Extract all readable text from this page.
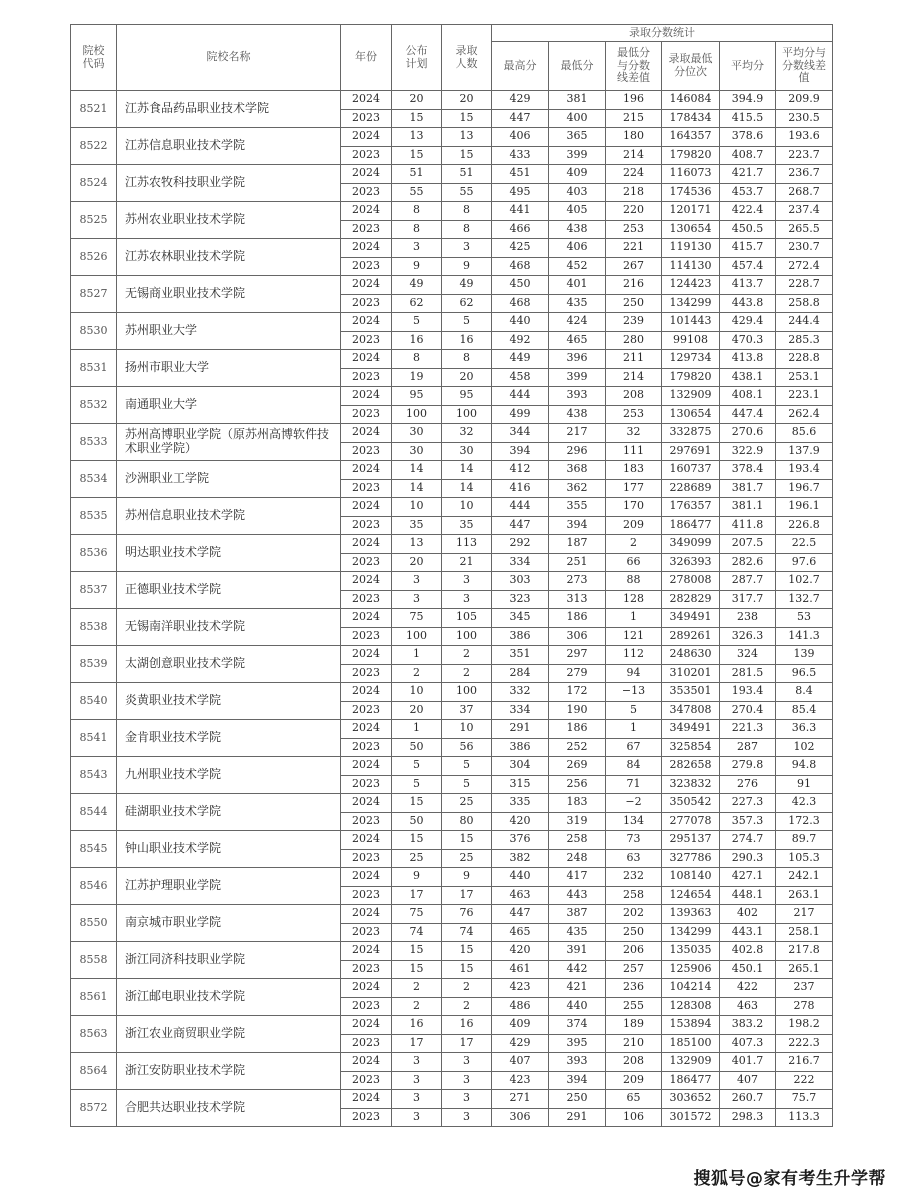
院校代码	院校名称	年份	公布计划	录取人数	录取分数统计					
					最高分	最低分	最低分与分数线差值	录取最低分位次	平均分	平均分与分数线差值
8521	江苏食品药品职业技术学院	2024	20	20	429	381	196	146084	394.9	209.9
		2023	15	15	447	400	215	178434	415.5	230.5
8522	江苏信息职业技术学院	2024	13	13	406	365	180	164357	378.6	193.6
		2023	15	15	433	399	214	179820	408.7	223.7
8524	江苏农牧科技职业学院	2024	51	51	451	409	224	116073	421.7	236.7
		2023	55	55	495	403	218	174536	453.7	268.7
8525	苏州农业职业技术学院	2024	8	8	441	405	220	120171	422.4	237.4
		2023	8	8	466	438	253	130654	450.5	265.5
8526	江苏农林职业技术学院	2024	3	3	425	406	221	119130	415.7	230.7
		2023	9	9	468	452	267	114130	457.4	272.4
8527	无锡商业职业技术学院	2024	49	49	450	401	216	124423	413.7	228.7
		2023	62	62	468	435	250	134299	443.8	258.8
8530	苏州职业大学	2024	5	5	440	424	239	101443	429.4	244.4
		2023	16	16	492	465	280	99108	470.3	285.3
8531	扬州市职业大学	2024	8	8	449	396	211	129734	413.8	228.8
		2023	19	20	458	399	214	179820	438.1	253.1
8532	南通职业大学	2024	95	95	444	393	208	132909	408.1	223.1
		2023	100	100	499	438	253	130654	447.4	262.4
8533	苏州高博职业学院（原苏州高博软件技术职业学院）	2024	30	32	344	217	32	332875	270.6	85.6
		2023	30	30	394	296	111	297691	322.9	137.9
8534	沙洲职业工学院	2024	14	14	412	368	183	160737	378.4	193.4
		2023	14	14	416	362	177	228689	381.7	196.7
8535	苏州信息职业技术学院	2024	10	10	444	355	170	176357	381.1	196.1
		2023	35	35	447	394	209	186477	411.8	226.8
8536	明达职业技术学院	2024	13	113	292	187	2	349099	207.5	22.5
		2023	20	21	334	251	66	326393	282.6	97.6
8537	正德职业技术学院	2024	3	3	303	273	88	278008	287.7	102.7
		2023	3	3	323	313	128	282829	317.7	132.7
8538	无锡南洋职业技术学院	2024	75	105	345	186	1	349491	238	53
		2023	100	100	386	306	121	289261	326.3	141.3
8539	太湖创意职业技术学院	2024	1	2	351	297	112	248630	324	139
		2023	2	2	284	279	94	310201	281.5	96.5
8540	炎黄职业技术学院	2024	10	100	332	172	−13	353501	193.4	8.4
		2023	20	37	334	190	5	347808	270.4	85.4
8541	金肯职业技术学院	2024	1	10	291	186	1	349491	221.3	36.3
		2023	50	56	386	252	67	325854	287	102
8543	九州职业技术学院	2024	5	5	304	269	84	282658	279.8	94.8
		2023	5	5	315	256	71	323832	276	91
8544	硅湖职业技术学院	2024	15	25	335	183	−2	350542	227.3	42.3
		2023	50	80	420	319	134	277078	357.3	172.3
8545	钟山职业技术学院	2024	15	15	376	258	73	295137	274.7	89.7
		2023	25	25	382	248	63	327786	290.3	105.3
8546	江苏护理职业学院	2024	9	9	440	417	232	108140	427.1	242.1
		2023	17	17	463	443	258	124654	448.1	263.1
8550	南京城市职业学院	2024	75	76	447	387	202	139363	402	217
		2023	74	74	465	435	250	134299	443.1	258.1
8558	浙江同济科技职业学院	2024	15	15	420	391	206	135035	402.8	217.8
		2023	15	15	461	442	257	125906	450.1	265.1
8561	浙江邮电职业技术学院	2024	2	2	423	421	236	104214	422	237
		2023	2	2	486	440	255	128308	463	278
8563	浙江农业商贸职业学院	2024	16	16	409	374	189	153894	383.2	198.2
		2023	17	17	429	395	210	185100	407.3	222.3
8564	浙江安防职业技术学院	2024	3	3	407	393	208	132909	401.7	216.7
		2023	3	3	423	394	209	186477	407	222
8572	合肥共达职业技术学院	2024	3	3	271	250	65	303652	260.7	75.7
		2023	3	3	306	291	106	301572	298.3	113.3
搜狐号@家有考生升学帮
